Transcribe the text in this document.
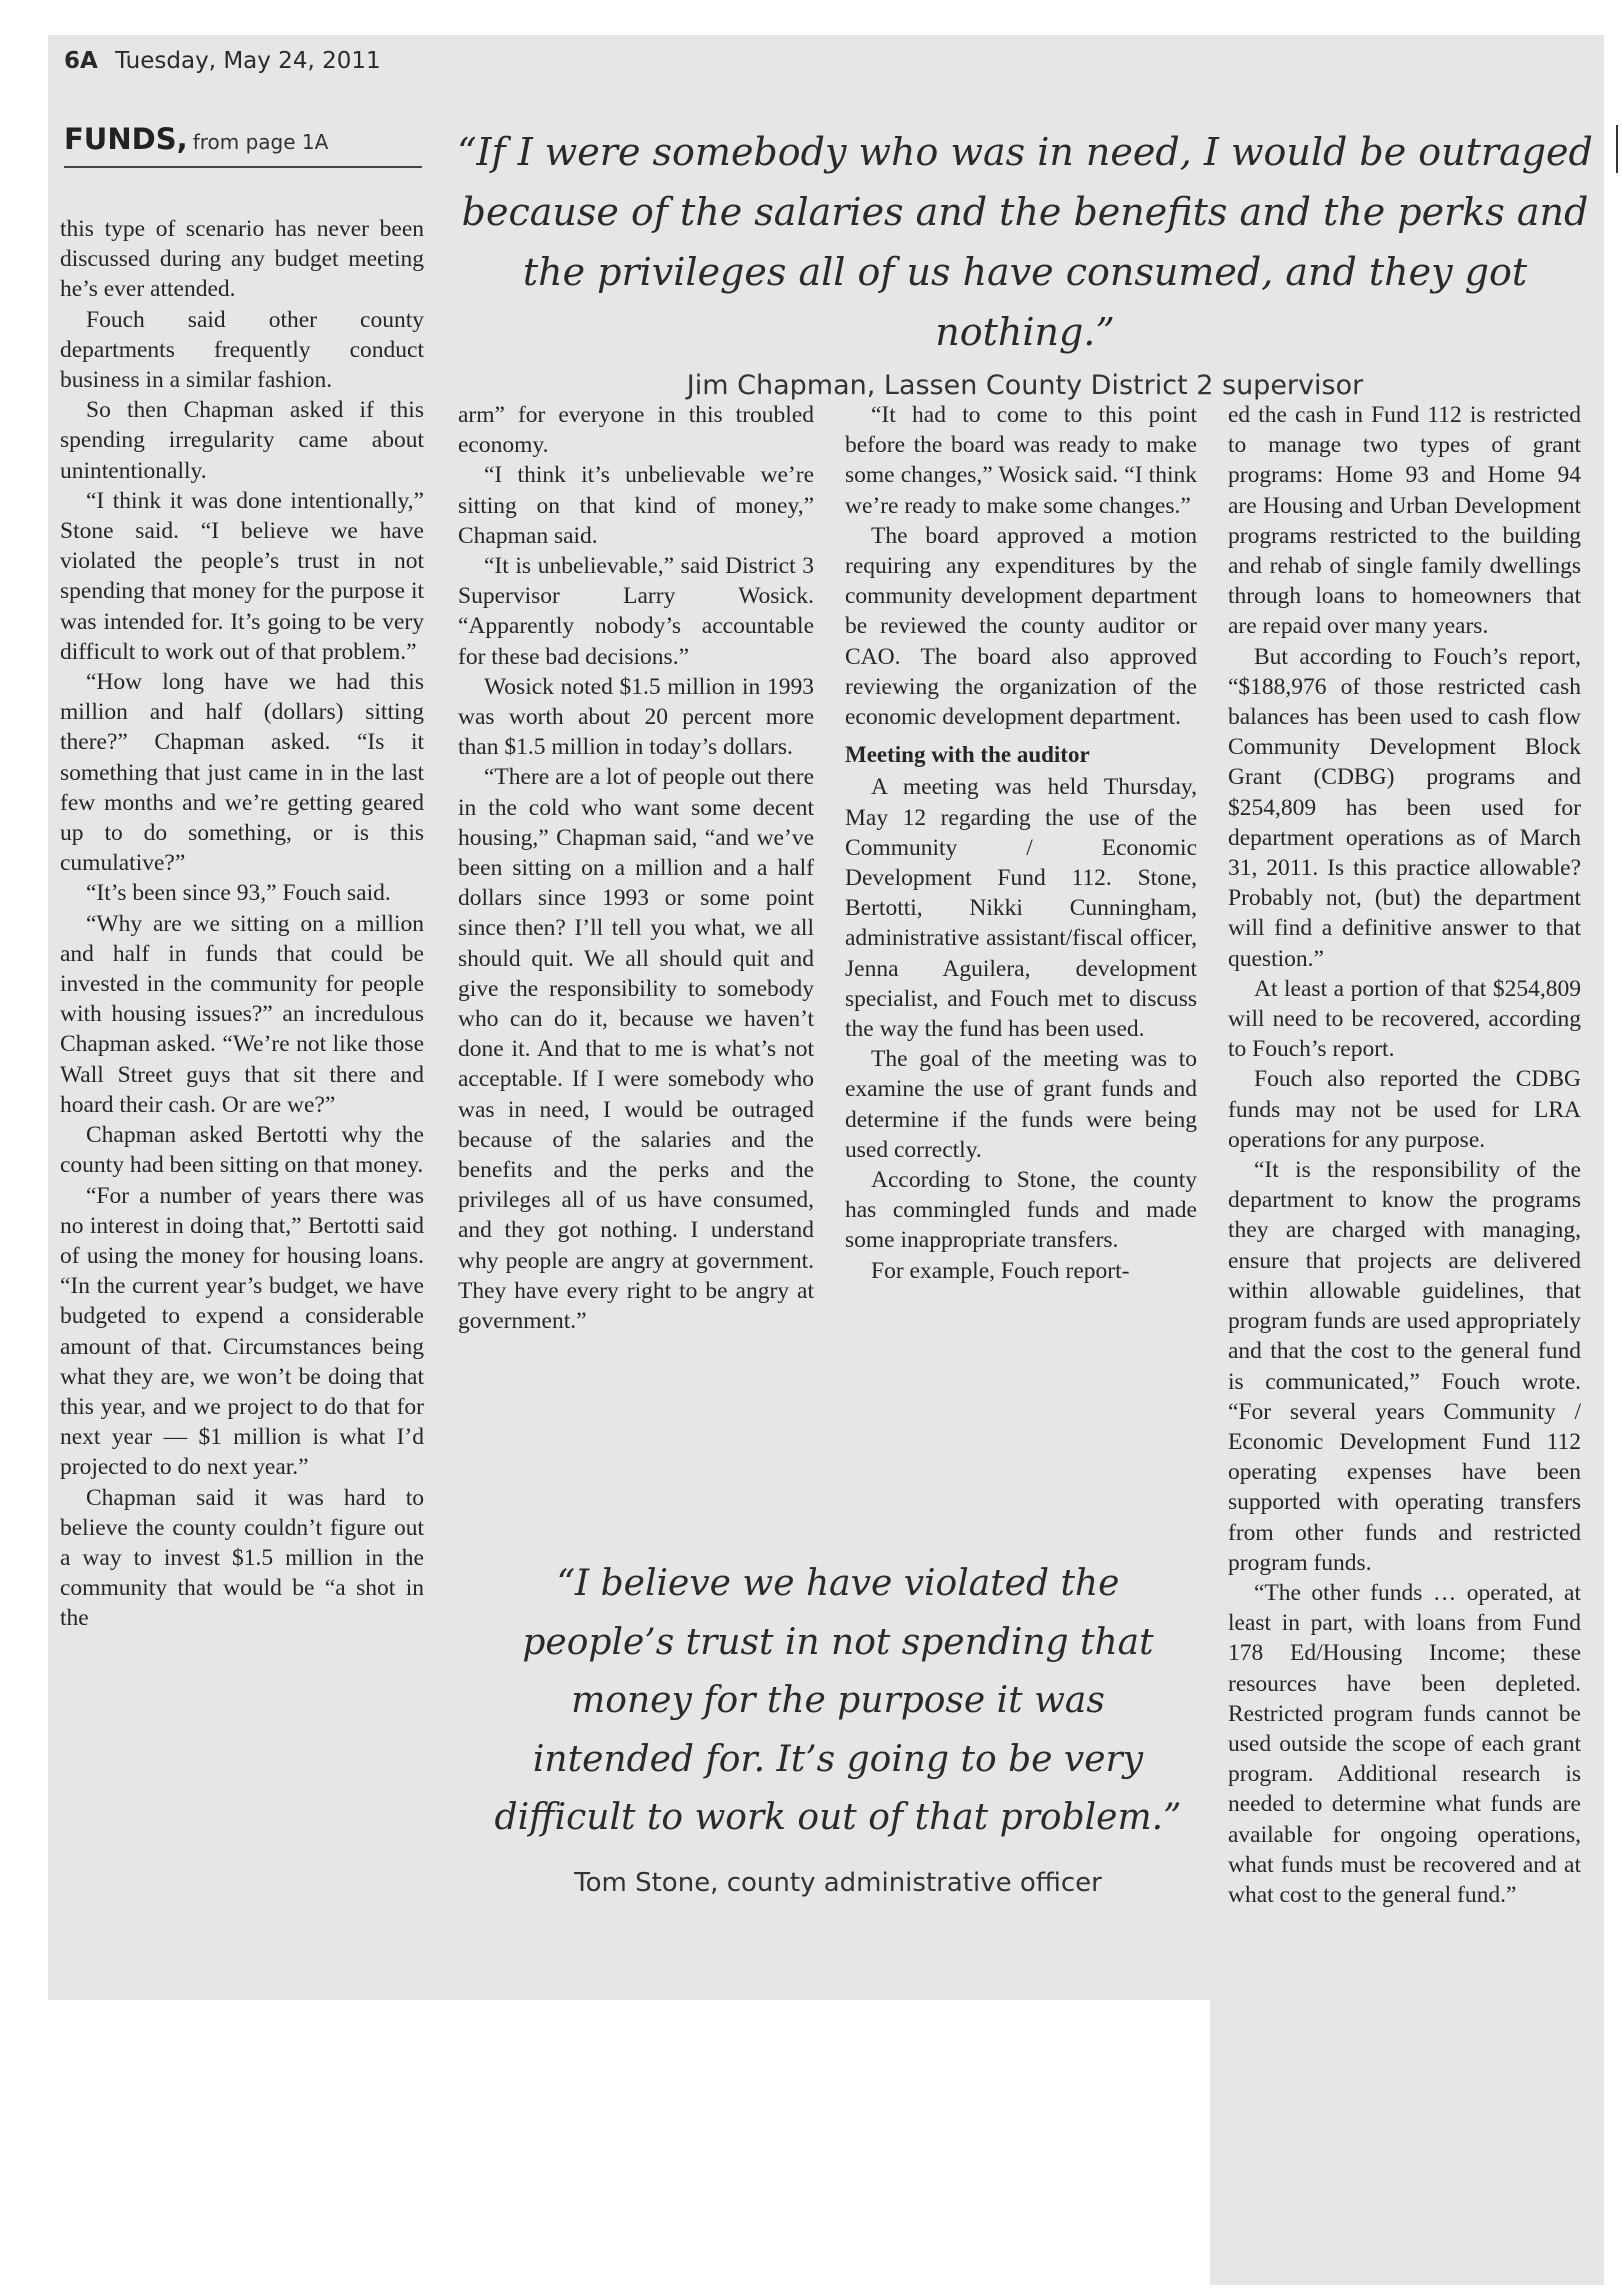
6A Tuesday, May 24, 2011
FUNDS, from page 1A	“If I were somebody who was in need, I would be outraged because of the salaries and the benefits and the perks and the privileges all of us have consumed, and they got nothing.”
Jim Chapman, Lassen County District 2 supervisor

this type of scenario has never been discussed during any budget meeting he’s ever attended.

Fouch said other county departments frequently conduct business in a similar fashion.

So then Chapman asked if this spending irregularity came about unintentionally.

“I think it was done intentionally,” Stone said. “I believe we have violated the people’s trust in not spending that money for the purpose it was intended for. It’s going to be very difficult to work out of that problem.”

“How long have we had this million and half (dollars) sitting there?” Chapman asked. “Is it something that just came in in the last few months and we’re getting geared up to do something, or is this cumulative?”

“It’s been since 93,” Fouch said.

“Why are we sitting on a million and half in funds that could be invested in the community for people with housing issues?” an incredulous Chapman asked. “We’re not like those Wall Street guys that sit there and hoard their cash. Or are we?”

Chapman asked Bertotti why the county had been sitting on that money.

“For a number of years there was no interest in doing that,” Bertotti said of using the money for housing loans. “In the current year’s budget, we have budgeted to expend a considerable amount of that. Circumstances being what they are, we won’t be doing that this year, and we project to do that for next year — $1 million is what I’d projected to do next year.”

Chapman said it was hard to believe the county couldn’t figure out a way to invest $1.5 million in the community that would be “a shot in the

arm” for everyone in this troubled economy.

“I think it’s unbelievable we’re sitting on that kind of money,” Chapman said.

“It is unbelievable,” said District 3 Supervisor Larry Wosick. “Apparently nobody’s accountable for these bad decisions.”

Wosick noted $1.5 million in 1993 was worth about 20 percent more than $1.5 million in today’s dollars.

“There are a lot of people out there in the cold who want some decent housing,” Chapman said, “and we’ve been sitting on a million and a half dollars since 1993 or some point since then? I’ll tell you what, we all should quit. We all should quit and give the responsibility to somebody who can do it, because we haven’t done it. And that to me is what’s not acceptable. If I were somebody who was in need, I would be outraged because of the salaries and the benefits and the perks and the privileges all of us have consumed, and they got nothing. I understand why people are angry at government. They have every right to be angry at government.”

“It had to come to this point before the board was ready to make some changes,” Wosick said. “I think we’re ready to make some changes.”

The board approved a motion requiring any expenditures by the community development department be reviewed the county auditor or CAO. The board also approved reviewing the organization of the economic development department.

Meeting with the auditor

A meeting was held Thursday, May 12 regarding the use of the Community / Economic Development Fund 112. Stone, Bertotti, Nikki Cunningham, administrative assistant/fiscal officer, Jenna Aguilera, development specialist, and Fouch met to discuss the way the fund has been used.

The goal of the meeting was to examine the use of grant funds and determine if the funds were being used correctly.

According to Stone, the county has commingled funds and made some inappropriate transfers.

For example, Fouch report-

ed the cash in Fund 112 is restricted to manage two types of grant programs: Home 93 and Home 94 are Housing and Urban Development programs restricted to the building and rehab of single family dwellings through loans to homeowners that are repaid over many years.

But according to Fouch’s report, “$188,976 of those restricted cash balances has been used to cash flow Community Development Block Grant (CDBG) programs and $254,809 has been used for department operations as of March 31, 2011. Is this practice allowable? Probably not, (but) the department will find a definitive answer to that question.”

At least a portion of that $254,809 will need to be recovered, according to Fouch’s report.

Fouch also reported the CDBG funds may not be used for LRA operations for any purpose.

“It is the responsibility of the department to know the programs they are charged with managing, ensure that projects are delivered within allowable guidelines, that program funds are used appropriately and that the cost to the general fund is communicated,” Fouch wrote. “For several years Community / Economic Development Fund 112 operating expenses have been supported with operating transfers from other funds and restricted program funds.

“The other funds … operated, at least in part, with loans from Fund 178 Ed/Housing Income; these resources have been depleted. Restricted program funds cannot be used outside the scope of each grant program. Additional research is needed to determine what funds are available for ongoing operations, what funds must be recovered and at what cost to the general fund.”

“I believe we have violated the people’s trust in not spending that money for the purpose it was intended for. It’s going to be very difficult to work out of that problem.”
Tom Stone, county administrative officer
